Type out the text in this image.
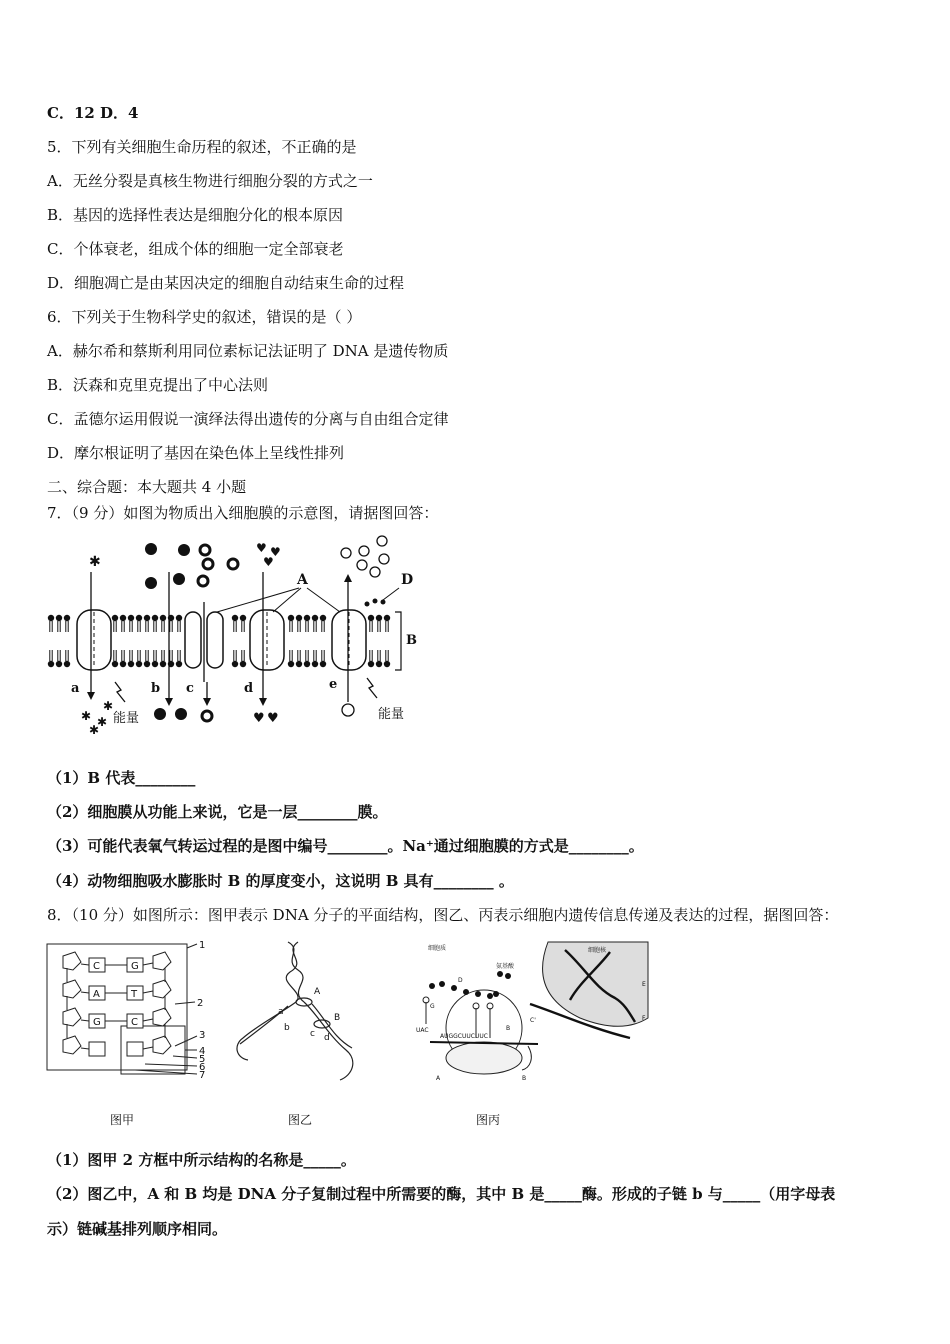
C．12 D．4
5．下列有关细胞生命历程的叙述，不正确的是
A．无丝分裂是真核生物进行细胞分裂的方式之一
B．基因的选择性表达是细胞分化的根本原因
C．个体衰老，组成个体的细胞一定全部衰老
D．细胞凋亡是由某因决定的细胞自动结束生命的过程
6．下列关于生物科学史的叙述，错误的是（ ）
A．赫尔希和蔡斯利用同位素标记法证明了 DNA 是遗传物质
B．沃森和克里克提出了中心法则
C．孟德尔运用假说一演绎法得出遗传的分离与自由组合定律
D．摩尔根证明了基因在染色体上呈线性排列
二、综合题：本大题共 4 小题
7．（9 分）如图为物质出入细胞膜的示意图，请据图回答：
B
A	D
✱
a
✱ ✱
✱
✱
能量
b c
♥ ♥
♥
d
♥ ♥
e
能量
（1）B 代表________
（2）细胞膜从功能上来说，它是一层________膜。
（3）可能代表氧气转运过程的是图中编号________。Na⁺通过细胞膜的方式是________。
（4）动物细胞吸水膨胀时 B 的厚度变小，这说明 B 具有________ 。
8．（10 分）如图所示：图甲表示 DNA 分子的平面结构，图乙、丙表示细胞内遗传信息传递及表达的过程，据图回答：
C
A
G
G
T
C
1
2
3
4
5
6
7
图甲
A
B
a
b
c d
图乙
细胞质
氨基酸
细胞核
D
G
C'
B
E
F
A	B
AUGGCUUCUUC
UAC
图丙
（1）图甲 2 方框中所示结构的名称是_____。
（2）图乙中，A 和 B 均是 DNA 分子复制过程中所需要的酶，其中 B 是_____酶。形成的子链 b 与_____（用字母表
示）链碱基排列顺序相同。
